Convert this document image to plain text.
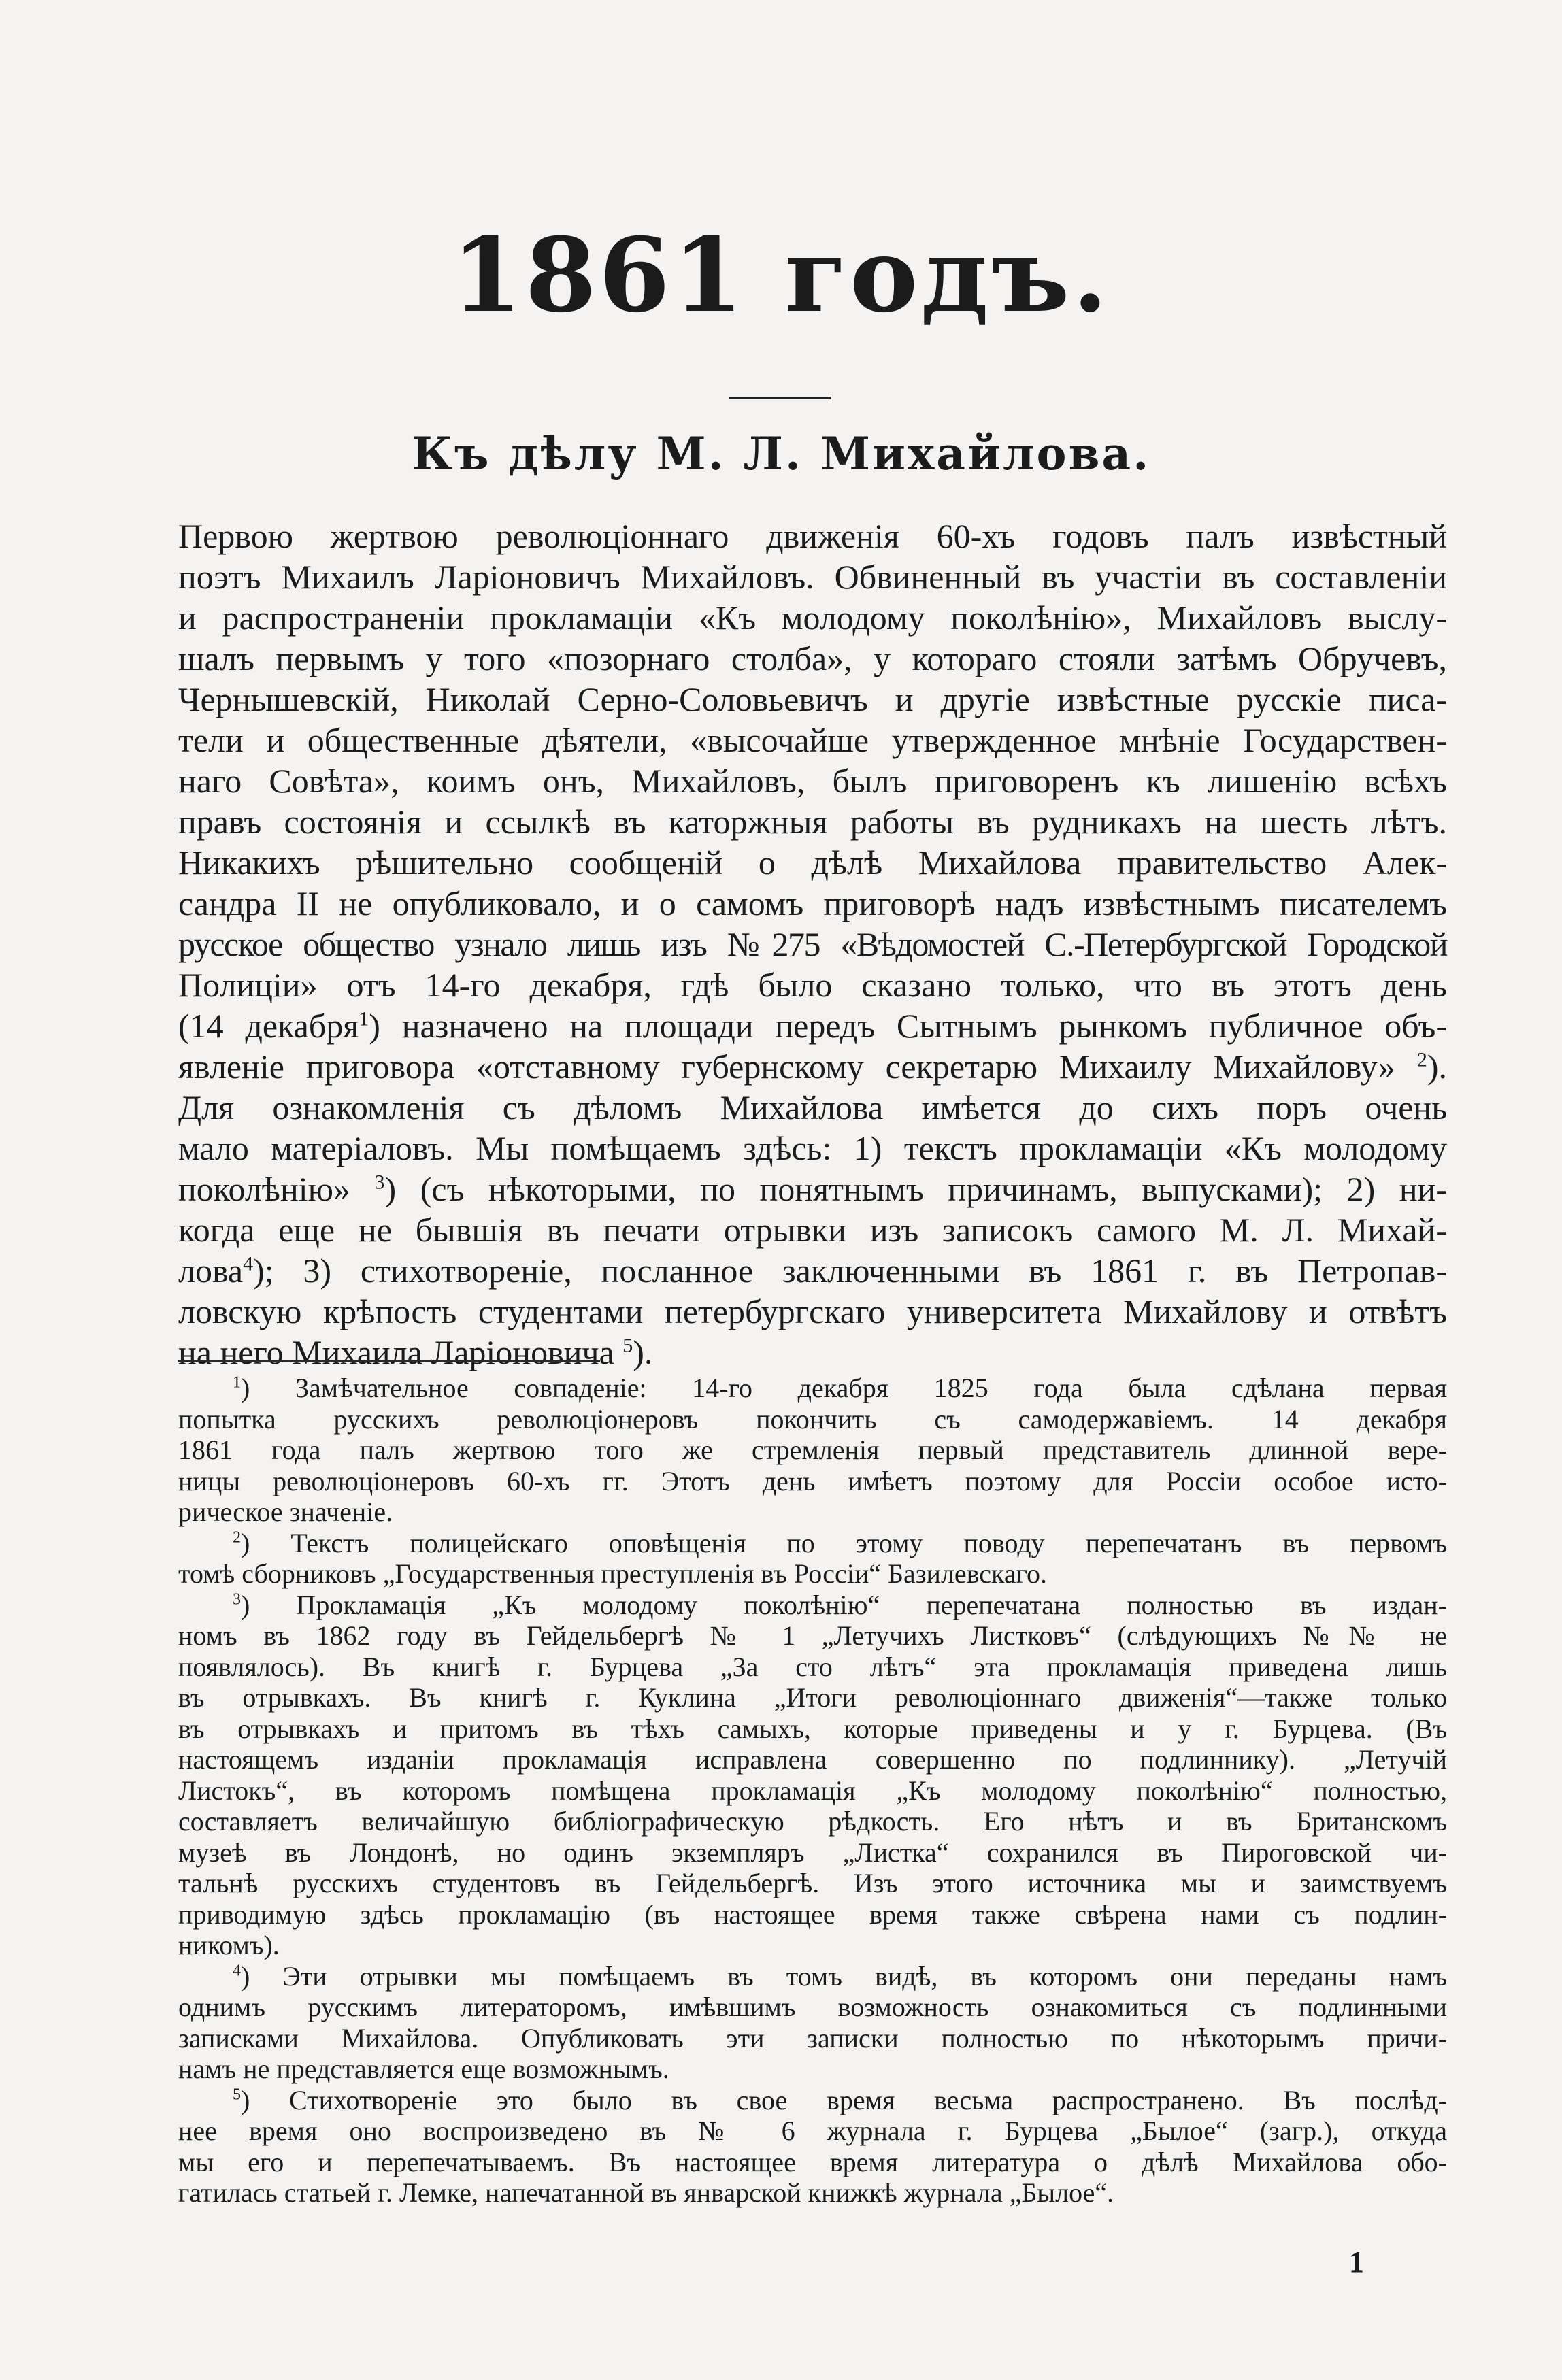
1861 годъ.
Къ дѣлу М. Л. Михайлова.
Первою жертвою революціоннаго движенія 60-хъ годовъ палъ извѣстный
поэтъ Михаилъ Ларіоновичъ Михайловъ. Обвиненный въ участіи въ составленіи
и распространеніи прокламаціи «Къ молодому поколѣнію», Михайловъ выслу-
шалъ первымъ у того «позорнаго столба», у котораго стояли затѣмъ Обручевъ,
Чернышевскій, Николай Серно-Соловьевичъ и другіе извѣстные русскіе писа-
тели и общественные дѣятели, «высочайше утвержденное мнѣніе Государствен-
наго Совѣта», коимъ онъ, Михайловъ, былъ приговоренъ къ лишенію всѣхъ
правъ состоянія и ссылкѣ въ каторжныя работы въ рудникахъ на шесть лѣтъ.
Никакихъ рѣшительно сообщеній о дѣлѣ Михайлова правительство Алек-
сандра II не опубликовало, и о самомъ приговорѣ надъ извѣстнымъ писателемъ
русское общество узнало лишь изъ №275 «Вѣдомостей С.-Петербургской Городской
Полиціи» отъ 14-го декабря, гдѣ было сказано только, что въ этотъ день
(14 декабря$^1$) назначено на площади передъ Сытнымъ рынкомъ публичное объ-
явленіе приговора «отставному губернскому секретарю Михаилу Михайлову» $^2$).
Для ознакомленія съ дѣломъ Михайлова имѣется до сихъ поръ очень
мало матеріаловъ. Мы помѣщаемъ здѣсь: 1) текстъ прокламаціи «Къ молодому
поколѣнію» $^3$) (съ нѣкоторыми, по понятнымъ причинамъ, выпусками); 2) ни-
когда еще не бывшія въ печати отрывки изъ записокъ самого М. Л. Михай-
лова$^4$); 3) стихотвореніе, посланное заключенными въ 1861 г. въ Петропав-
ловскую крѣпость студентами петербургскаго университета Михайлову и отвѣтъ
на него Михаила Ларіоновича $^5$).
$^1$) Замѣчательное совпаденіе: 14-го декабря 1825 года была сдѣлана первая
попытка русскихъ революціонеровъ покончить съ самодержавіемъ. 14 декабря
1861 года палъ жертвою того же стремленія первый представитель длинной вере-
ницы революціонеровъ 60-хъ гг. Этотъ день имѣетъ поэтому для Россіи особое исто-
рическое значеніе.
$^2$) Текстъ полицейскаго оповѣщенія по этому поводу перепечатанъ въ первомъ
томѣ сборниковъ „Государственныя преступленія въ Россіи“ Базилевскаго.
$^3$) Прокламація „Къ молодому поколѣнію“ перепечатана полностью въ издан-
номъ въ 1862 году въ Гейдельбергѣ № 1 „Летучихъ Листковъ“ (слѣдующихъ №№ не
появлялось). Въ книгѣ г. Бурцева „За сто лѣтъ“ эта прокламація приведена лишь
въ отрывкахъ. Въ книгѣ г. Куклина „Итоги революціоннаго движенія“—также только
въ отрывкахъ и притомъ въ тѣхъ самыхъ, которые приведены и у г. Бурцева. (Въ
настоящемъ изданіи прокламація исправлена совершенно по подлиннику). „Летучій
Листокъ“, въ которомъ помѣщена прокламація „Къ молодому поколѣнію“ полностью,
составляетъ величайшую библіографическую рѣдкость. Его нѣтъ и въ Британскомъ
музеѣ въ Лондонѣ, но одинъ экземпляръ „Листка“ сохранился въ Пироговской чи-
тальнѣ русскихъ студентовъ въ Гейдельбергѣ. Изъ этого источника мы и заимствуемъ
приводимую здѣсь прокламацію (въ настоящее время также свѣрена нами съ подлин-
никомъ).
$^4$) Эти отрывки мы помѣщаемъ въ томъ видѣ, въ которомъ они переданы намъ
однимъ русскимъ литераторомъ, имѣвшимъ возможность ознакомиться съ подлинными
записками Михайлова. Опубликовать эти записки полностью по нѣкоторымъ причи-
намъ не представляется еще возможнымъ.
$^5$) Стихотвореніе это было въ свое время весьма распространено. Въ послѣд-
нее время оно воспроизведено въ № 6 журнала г. Бурцева „Былое“ (загр.), откуда
мы его и перепечатываемъ. Въ настоящее время литература о дѣлѣ Михайлова обо-
гатилась статьей г. Лемке, напечатанной въ январской книжкѣ журнала „Былое“.
1
